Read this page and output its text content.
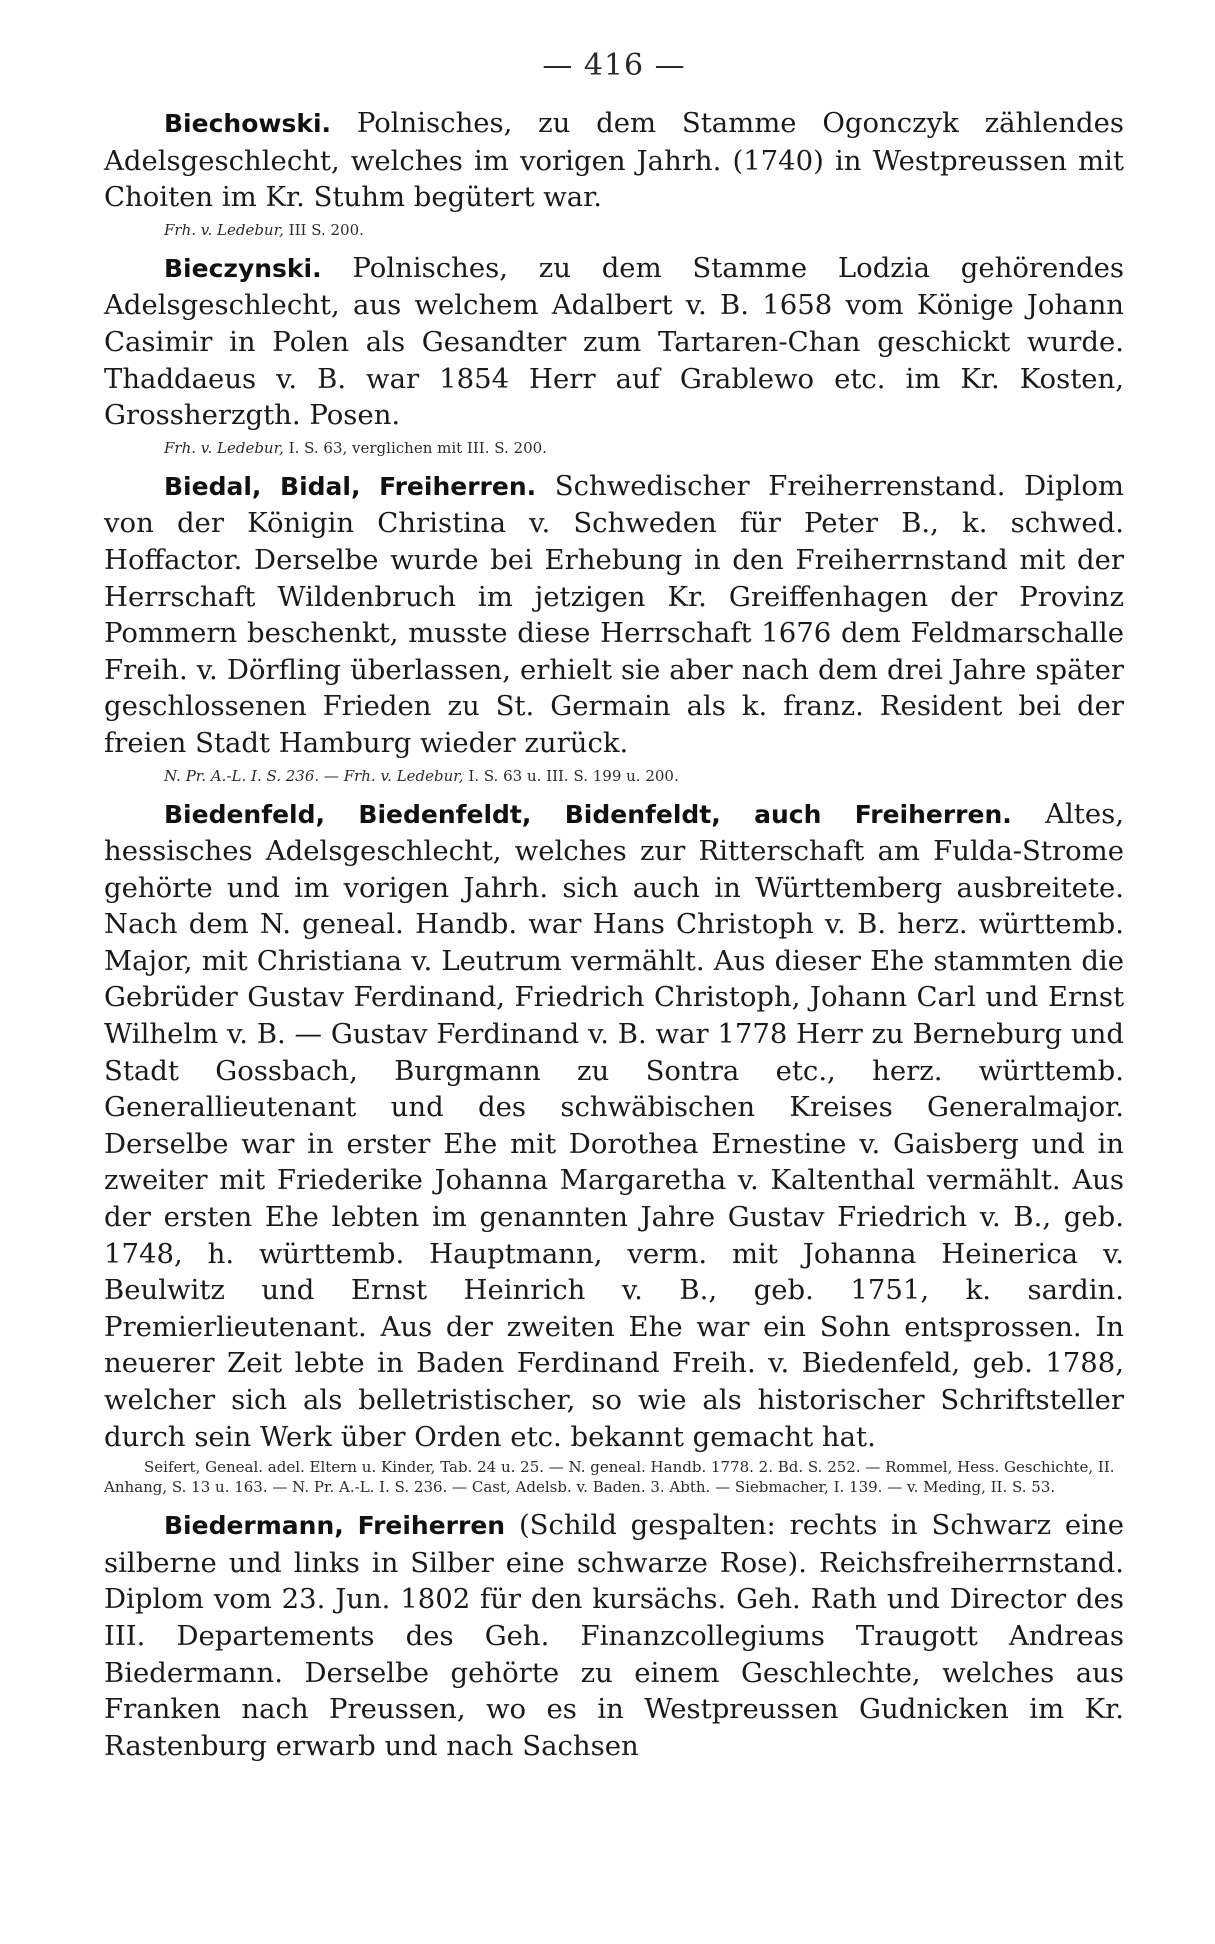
— 416 —

Biechowski. Polnisches, zu dem Stamme Ogonczyk zählendes Adelsgeschlecht, welches im vorigen Jahrh. (1740) in Westpreussen mit Choiten im Kr. Stuhm begütert war.

Frh. v. Ledebur, III S. 200.

Bieczynski. Polnisches, zu dem Stamme Lodzia gehörendes Adelsgeschlecht, aus welchem Adalbert v. B. 1658 vom Könige Johann Casimir in Polen als Gesandter zum Tartaren-Chan geschickt wurde. Thaddaeus v. B. war 1854 Herr auf Grablewo etc. im Kr. Kosten, Grossherzgth. Posen.

Frh. v. Ledebur, I. S. 63, verglichen mit III. S. 200.

Biedal, Bidal, Freiherren. Schwedischer Freiherrenstand. Diplom von der Königin Christina v. Schweden für Peter B., k. schwed. Hoffactor. Derselbe wurde bei Erhebung in den Freiherrnstand mit der Herrschaft Wildenbruch im jetzigen Kr. Greiffenhagen der Provinz Pommern beschenkt, musste diese Herrschaft 1676 dem Feldmarschalle Freih. v. Dörfling überlassen, erhielt sie aber nach dem drei Jahre später geschlossenen Frieden zu St. Germain als k. franz. Resident bei der freien Stadt Hamburg wieder zurück.

N. Pr. A.-L. I. S. 236. — Frh. v. Ledebur, I. S. 63 u. III. S. 199 u. 200.

Biedenfeld, Biedenfeldt, Bidenfeldt, auch Freiherren. Altes, hessisches Adelsgeschlecht, welches zur Ritterschaft am Fulda-Strome gehörte und im vorigen Jahrh. sich auch in Württemberg ausbreitete. Nach dem N. geneal. Handb. war Hans Christoph v. B. herz. württemb. Major, mit Christiana v. Leutrum vermählt. Aus dieser Ehe stammten die Gebrüder Gustav Ferdinand, Friedrich Christoph, Johann Carl und Ernst Wilhelm v. B. — Gustav Ferdinand v. B. war 1778 Herr zu Berneburg und Stadt Gossbach, Burgmann zu Sontra etc., herz. württemb. Generallieutenant und des schwäbischen Kreises Generalmajor. Derselbe war in erster Ehe mit Dorothea Ernestine v. Gaisberg und in zweiter mit Friederike Johanna Margaretha v. Kaltenthal vermählt. Aus der ersten Ehe lebten im genannten Jahre Gustav Friedrich v. B., geb. 1748, h. württemb. Hauptmann, verm. mit Johanna Heinerica v. Beulwitz und Ernst Heinrich v. B., geb. 1751, k. sardin. Premierlieutenant. Aus der zweiten Ehe war ein Sohn entsprossen. In neuerer Zeit lebte in Baden Ferdinand Freih. v. Biedenfeld, geb. 1788, welcher sich als belletristischer, so wie als historischer Schriftsteller durch sein Werk über Orden etc. bekannt gemacht hat.

Seifert, Geneal. adel. Eltern u. Kinder, Tab. 24 u. 25. — N. geneal. Handb. 1778. 2. Bd. S. 252. — Rommel, Hess. Geschichte, II. Anhang, S. 13 u. 163. — N. Pr. A.-L. I. S. 236. — Cast, Adelsb. v. Baden. 3. Abth. — Siebmacher, I. 139. — v. Meding, II. S. 53.

Biedermann, Freiherren (Schild gespalten: rechts in Schwarz eine silberne und links in Silber eine schwarze Rose). Reichsfreiherrnstand. Diplom vom 23. Jun. 1802 für den kursächs. Geh. Rath und Director des III. Departements des Geh. Finanzcollegiums Traugott Andreas Biedermann. Derselbe gehörte zu einem Geschlechte, welches aus Franken nach Preussen, wo es in Westpreussen Gudnicken im Kr. Rastenburg erwarb und nach Sachsen
